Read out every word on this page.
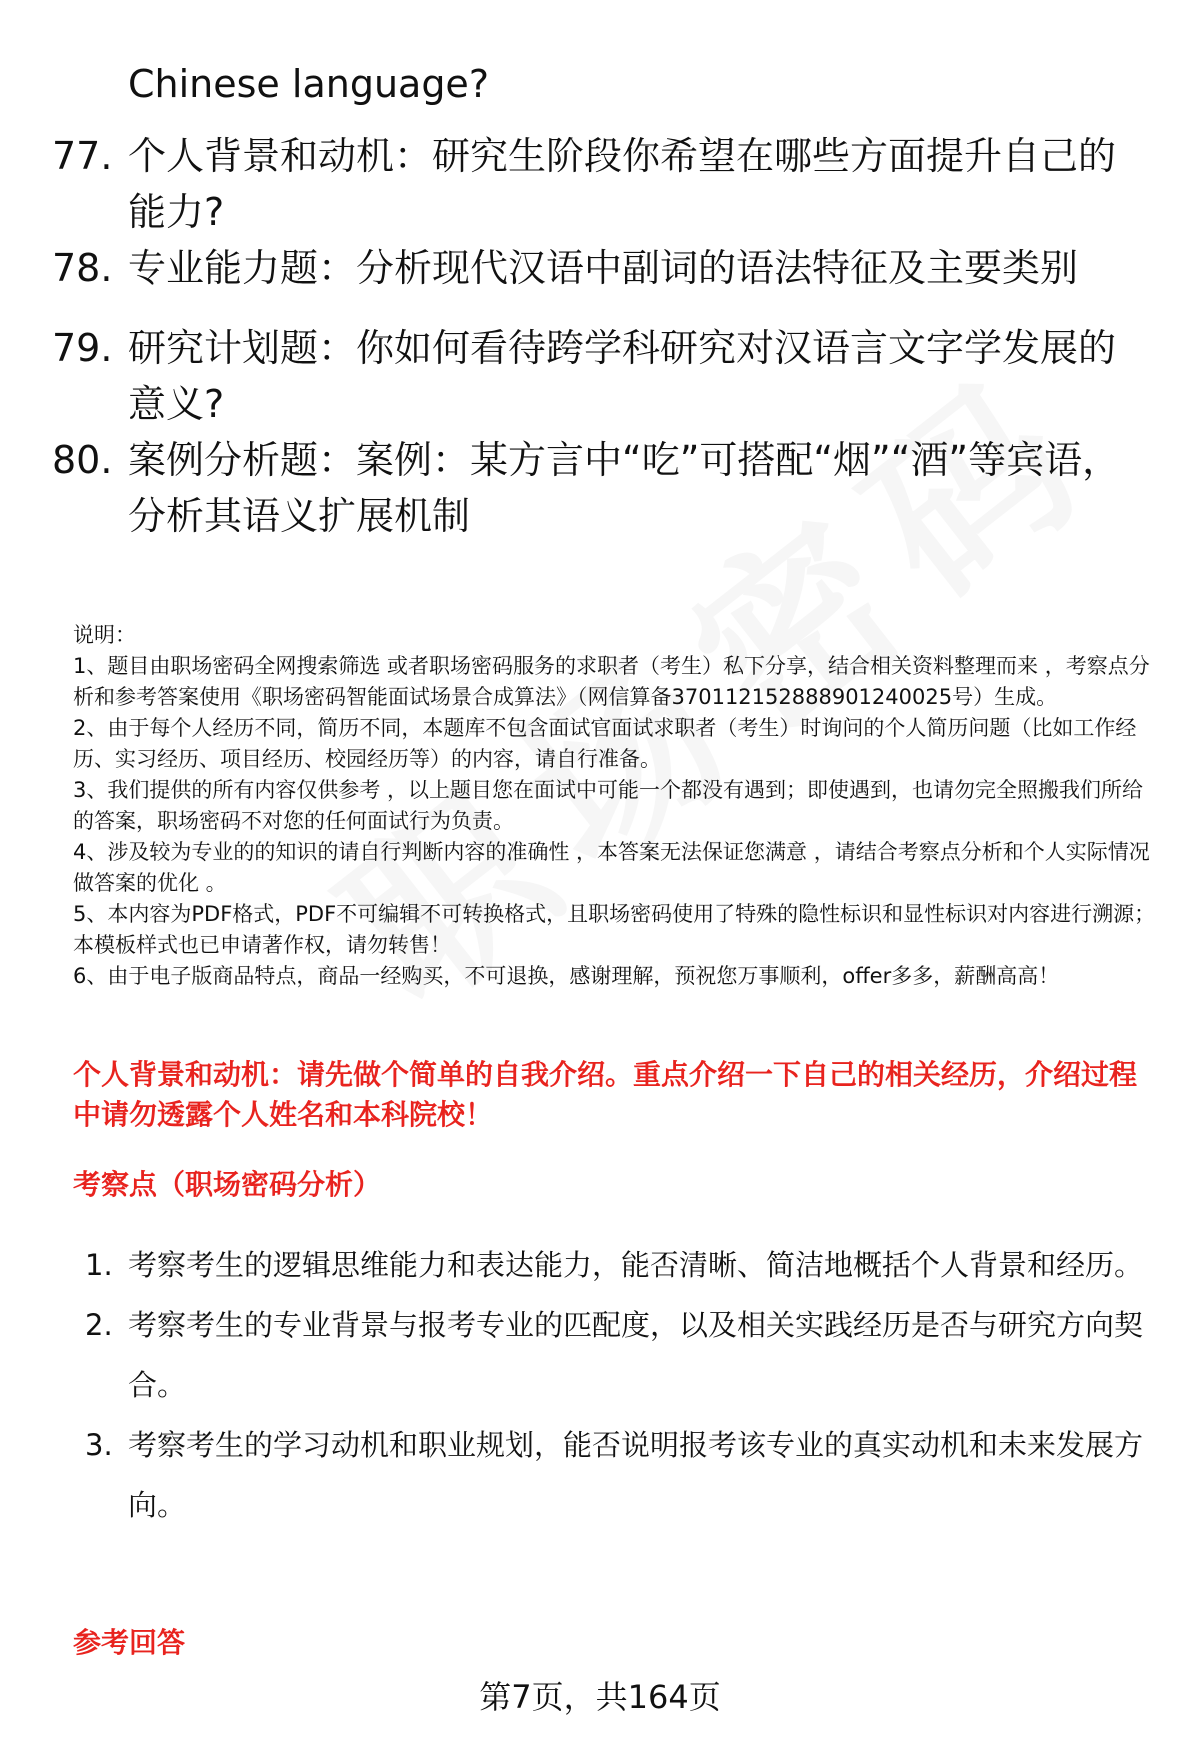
Chinese language?
77. 个人背景和动机：研究生阶段你希望在哪些方面提升自己的能力?
78. 专业能力题：分析现代汉语中副词的语法特征及主要类别
79. 研究计划题：你如何看待跨学科研究对汉语言文字学发展的意义?
80. 案例分析题：案例：某方言中“吃”可搭配“烟”“酒”等宾语，分析其语义扩展机制

说明：

1、题目由职场密码全网搜索筛选 或者职场密码服务的求职者（考生）私下分享，结合相关资料整理而来 ，考察点分析和参考答案使用《职场密码智能面试场景合成算法》（网信算备370112152888901240025号）生成。

2、由于每个人经历不同，简历不同，本题库不包含面试官面试求职者（考生）时询问的个人简历问题（比如工作经历、实习经历、项目经历、校园经历等）的内容，请自行准备。

3、我们提供的所有内容仅供参考 ，以上题目您在面试中可能一个都没有遇到；即使遇到，也请勿完全照搬我们所给的答案，职场密码不对您的任何面试行为负责。

4、涉及较为专业的的知识的请自行判断内容的准确性 ，本答案无法保证您满意 ，请结合考察点分析和个人实际情况做答案的优化 。

5、本内容为PDF格式，PDF不可编辑不可转换格式，且职场密码使用了特殊的隐性标识和显性标识对内容进行溯源；本模板样式也已申请著作权，请勿转售！

6、由于电子版商品特点，商品一经购买，不可退换，感谢理解，预祝您万事顺利，offer多多，薪酬高高！

个人背景和动机：请先做个简单的自我介绍。重点介绍一下自己的相关经历，介绍过程中请勿透露个人姓名和本科院校！
考察点（职场密码分析）
1. 考察考生的逻辑思维能力和表达能力，能否清晰、简洁地概括个人背景和经历。
2. 考察考生的专业背景与报考专业的匹配度，以及相关实践经历是否与研究方向契合。
3. 考察考生的学习动机和职业规划，能否说明报考该专业的真实动机和未来发展方向。
参考回答
第7页，共164页
